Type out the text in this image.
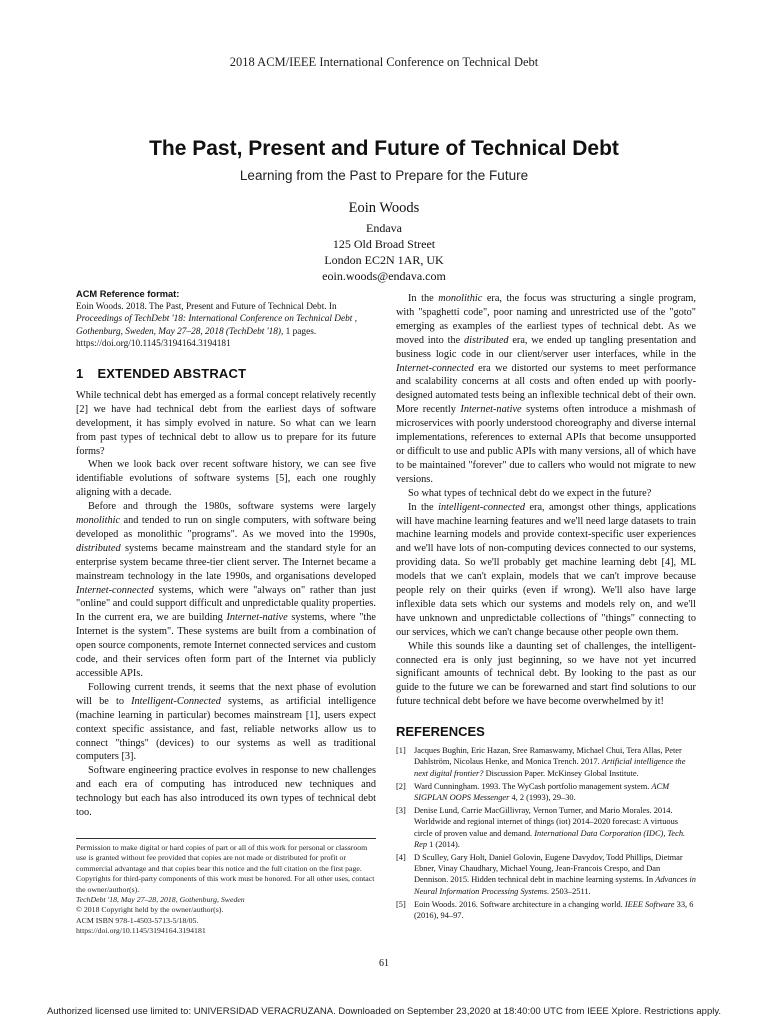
2018 ACM/IEEE International Conference on Technical Debt
The Past, Present and Future of Technical Debt
Learning from the Past to Prepare for the Future
Eoin Woods
Endava
125 Old Broad Street
London EC2N 1AR, UK
eoin.woods@endava.com
ACM Reference format:
Eoin Woods. 2018. The Past, Present and Future of Technical Debt. In Proceedings of TechDebt '18: International Conference on Technical Debt , Gothenburg, Sweden, May 27–28, 2018 (TechDebt '18), 1 pages.
https://doi.org/10.1145/3194164.3194181
1 EXTENDED ABSTRACT

While technical debt has emerged as a formal concept relatively recently [2] we have had technical debt from the earliest days of software development, it has simply evolved in nature. So what can we learn from past types of technical debt to allow us to prepare for its future forms?

When we look back over recent software history, we can see five identifiable evolutions of software systems [5], each one roughly aligning with a decade.

Before and through the 1980s, software systems were largely monolithic and tended to run on single computers, with software being developed as monolithic "programs". As we moved into the 1990s, distributed systems became mainstream and the standard style for an enterprise system became three-tier client server. The Internet became a mainstream technology in the late 1990s, and organisations developed Internet-connected systems, which were "always on" rather than just "online" and could support difficult and unpredictable quality properties. In the current era, we are building Internet-native systems, where "the Internet is the system". These systems are built from a combination of open source components, remote Internet connected services and custom code, and their services often form part of the Internet via publicly accessible APIs.

Following current trends, it seems that the next phase of evolution will be to Intelligent-Connected systems, as artificial intelligence (machine learning in particular) becomes mainstream [1], users expect context specific assistance, and fast, reliable networks allow us to connect "things" (devices) to our systems as well as traditional computers [3].

Software engineering practice evolves in response to new challenges and each era of computing has introduced new techniques and technology but each has also introduced its own types of technical debt too.

In the monolithic era, the focus was structuring a single program, with "spaghetti code", poor naming and unrestricted use of the "goto" emerging as examples of the earliest types of technical debt. As we moved into the distributed era, we ended up tangling presentation and business logic code in our client/server user interfaces, while in the Internet-connected era we distorted our systems to meet performance and scalability concerns at all costs and often ended up with poorly-designed automated tests being an inflexible technical debt of their own. More recently Internet-native systems often introduce a mishmash of microservices with poorly understood choreography and diverse internal implementations, references to external APIs that become unsupported or difficult to use and public APIs with many versions, all of which have to be maintained "forever" due to callers who would not migrate to new versions.

So what types of technical debt do we expect in the future?

In the intelligent-connected era, amongst other things, applications will have machine learning features and we'll need large datasets to train machine learning models and provide context-specific user experiences and we'll have lots of non-computing devices connected to our systems, providing data. So we'll probably get machine learning debt [4], ML models that we can't explain, models that we can't improve because people rely on their quirks (even if wrong). We'll also have large inflexible data sets which our systems and models rely on, and we'll have unknown and unpredictable collections of "things" connecting to our services, which we can't change because other people own them.

While this sounds like a daunting set of challenges, the intelligent-connected era is only just beginning, so we have not yet incurred significant amounts of technical debt. By looking to the past as our guide to the future we can be forewarned and start find solutions to our future technical debt before we have become overwhelmed by it!

REFERENCES
[1] Jacques Bughin, Eric Hazan, Sree Ramaswamy, Michael Chui, Tera Allas, Peter Dahlström, Nicolaus Henke, and Monica Trench. 2017. Artificial intelligence the next digital frontier? Discussion Paper. McKinsey Global Institute.
[2] Ward Cunningham. 1993. The WyCash portfolio management system. ACM SIGPLAN OOPS Messenger 4, 2 (1993), 29–30.
[3] Denise Lund, Carrie MacGillivray, Vernon Turner, and Mario Morales. 2014. Worldwide and regional internet of things (iot) 2014–2020 forecast: A virtuous circle of proven value and demand. International Data Corporation (IDC), Tech. Rep 1 (2014).
[4] D Sculley, Gary Holt, Daniel Golovin, Eugene Davydov, Todd Phillips, Dietmar Ebner, Vinay Chaudhary, Michael Young, Jean-Francois Crespo, and Dan Dennison. 2015. Hidden technical debt in machine learning systems. In Advances in Neural Information Processing Systems. 2503–2511.
[5] Eoin Woods. 2016. Software architecture in a changing world. IEEE Software 33, 6 (2016), 94–97.
Permission to make digital or hard copies of part or all of this work for personal or classroom use is granted without fee provided that copies are not made or distributed for profit or commercial advantage and that copies bear this notice and the full citation on the first page. Copyrights for third-party components of this work must be honored. For all other uses, contact the owner/author(s).
TechDebt '18, May 27–28, 2018, Gothenburg, Sweden
© 2018 Copyright held by the owner/author(s).
ACM ISBN 978-1-4503-5713-5/18/05.
https://doi.org/10.1145/3194164.3194181
61
Authorized licensed use limited to: UNIVERSIDAD VERACRUZANA. Downloaded on September 23,2020 at 18:40:00 UTC from IEEE Xplore. Restrictions apply.
